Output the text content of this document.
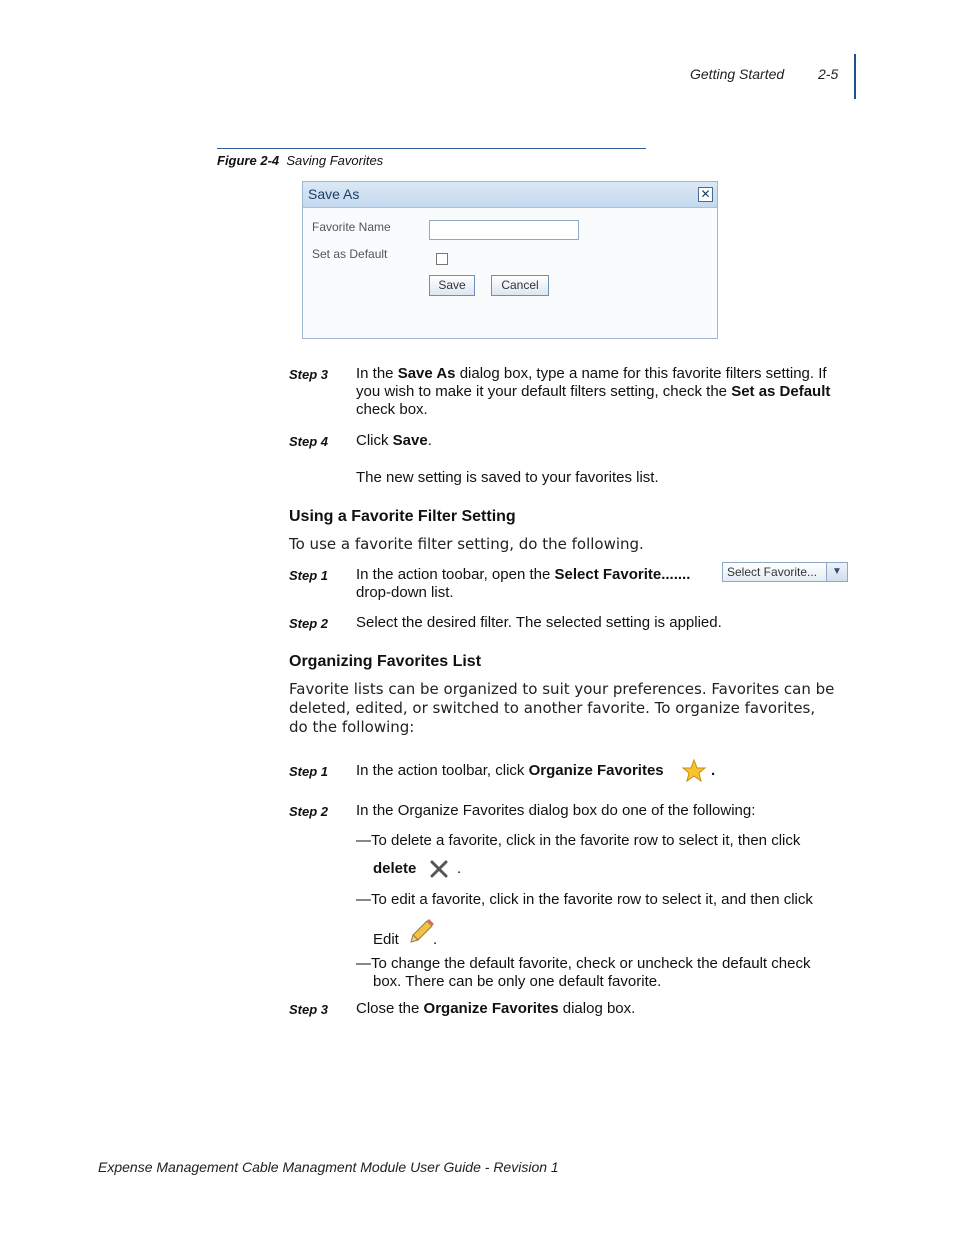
Getting Started 2-5
Figure 2-4 Saving Favorites
Save As	✕
Favorite Name
Set as Default
Save	Cancel
Step 3 In the Save As dialog box, type a name for this favorite filters setting. If
you wish to make it your default filters setting, check the Set as Default
check box.
Step 4 Click Save.
The new setting is saved to your favorites list.
Using a Favorite Filter Setting
To use a favorite filter setting, do the following.
Step 1 In the action toobar, open the Select Favorite.......
drop-down list.
Select Favorite...	▼
Step 2 Select the desired filter. The selected setting is applied.
Organizing Favorites List
Favorite lists can be organized to suit your preferences. Favorites can be
deleted, edited, or switched to another favorite. To organize favorites,
do the following:
Step 1 In the action toolbar, click Organize Favorites	.
Step 2 In the Organize Favorites dialog box do one of the following:
—To delete a favorite, click in the favorite row to select it, then click
delete	.
—To edit a favorite, click in the favorite row to select it, and then click
Edit .
—To change the default favorite, check or uncheck the default check
box. There can be only one default favorite.
Step 3 Close the Organize Favorites dialog box.
Expense Management Cable Managment Module User Guide - Revision 1
